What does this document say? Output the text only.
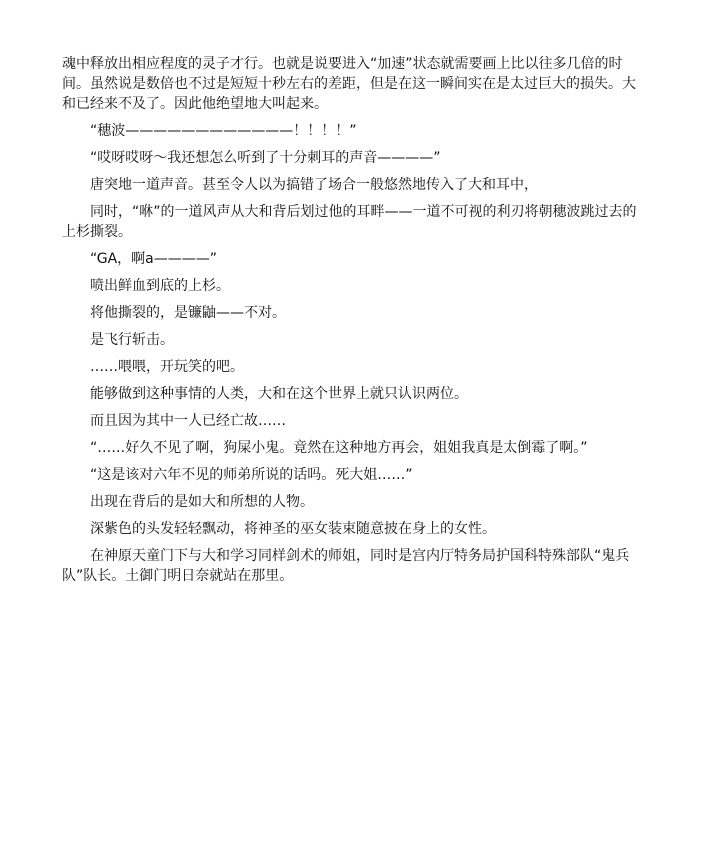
魂中释放出相应程度的灵子才行。也就是说要进入“加速”状态就需要画上比以往多几倍的时间。虽然说是数倍也不过是短短十秒左右的差距，但是在这一瞬间实在是太过巨大的损失。大和已经来不及了。因此他绝望地大叫起来。

“穗波————————————！！！！”

“哎呀哎呀～我还想怎么听到了十分刺耳的声音————”

唐突地一道声音。甚至令人以为搞错了场合一般悠然地传入了大和耳中，

同时，“咻”的一道风声从大和背后划过他的耳畔——一道不可视的利刃将朝穗波跳过去的上杉撕裂。

“GA，啊a————”

喷出鲜血到底的上杉。

将他撕裂的，是镰鼬——不对。

是飞行斩击。

……喂喂，开玩笑的吧。

能够做到这种事情的人类，大和在这个世界上就只认识两位。

而且因为其中一人已经亡故……

“……好久不见了啊，狗屎小鬼。竟然在这种地方再会，姐姐我真是太倒霉了啊。”

“这是该对六年不见的师弟所说的话吗。死大姐……”

出现在背后的是如大和所想的人物。

深紫色的头发轻轻飘动，将神圣的巫女装束随意披在身上的女性。

在神原天童门下与大和学习同样剑术的师姐，同时是宫内厅特务局护国科特殊部队“鬼兵队”队长。土御门明日奈就站在那里。
